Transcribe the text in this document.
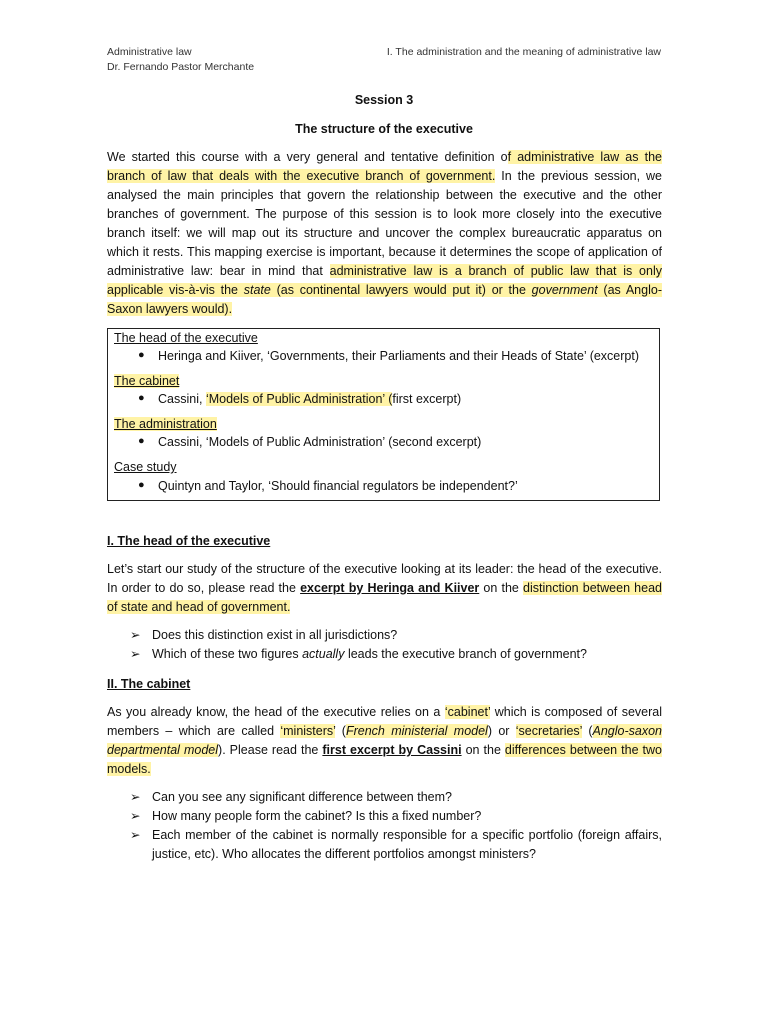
Administrative law
Dr. Fernando Pastor Merchante
I. The administration and the meaning of administrative law
Session 3
The structure of the executive
We started this course with a very general and tentative definition of administrative law as the branch of law that deals with the executive branch of government. In the previous session, we analysed the main principles that govern the relationship between the executive and the other branches of government. The purpose of this session is to look more closely into the executive branch itself: we will map out its structure and uncover the complex bureaucratic apparatus on which it rests. This mapping exercise is important, because it determines the scope of application of administrative law: bear in mind that administrative law is a branch of public law that is only applicable vis-à-vis the state (as continental lawyers would put it) or the government (as Anglo-Saxon lawyers would).
The head of the executive
● Heringa and Kiiver, ‘Governments, their Parliaments and their Heads of State’ (excerpt)
The cabinet
● Cassini, ‘Models of Public Administration’ (first excerpt)
The administration
● Cassini, ‘Models of Public Administration’ (second excerpt)
Case study
● Quintyn and Taylor, ‘Should financial regulators be independent?’
I. The head of the executive
Let’s start our study of the structure of the executive looking at its leader: the head of the executive. In order to do so, please read the excerpt by Heringa and Kiiver on the distinction between head of state and head of government.
➢ Does this distinction exist in all jurisdictions?
➢ Which of these two figures actually leads the executive branch of government?
II. The cabinet
As you already know, the head of the executive relies on a ‘cabinet’ which is composed of several members – which are called ‘ministers’ (French ministerial model) or ‘secretaries’ (Anglo-saxon departmental model). Please read the first excerpt by Cassini on the differences between the two models.
➢ Can you see any significant difference between them?
➢ How many people form the cabinet? Is this a fixed number?
➢ Each member of the cabinet is normally responsible for a specific portfolio (foreign affairs, justice, etc). Who allocates the different portfolios amongst ministers?
